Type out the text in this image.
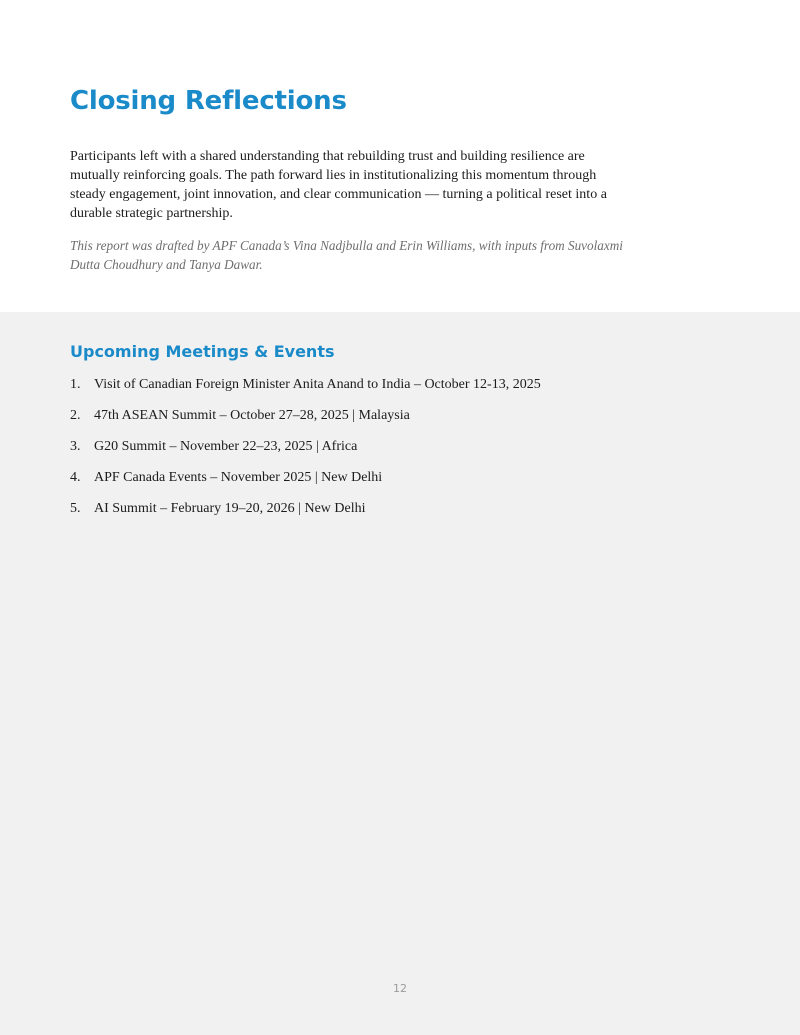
Closing Reflections

Participants left with a shared understanding that rebuilding trust and building resilience are mutually reinforcing goals. The path forward lies in institutionalizing this momentum through steady engagement, joint innovation, and clear communication — turning a political reset into a durable strategic partnership.

This report was drafted by APF Canada’s Vina Nadjbulla and Erin Williams, with inputs from Suvolaxmi Dutta Choudhury and Tanya Dawar.

Upcoming Meetings & Events
1. Visit of Canadian Foreign Minister Anita Anand to India – October 12-13, 2025
2. 47th ASEAN Summit – October 27–28, 2025 | Malaysia
3. G20 Summit – November 22–23, 2025 | Africa
4. APF Canada Events – November 2025 | New Delhi
5. AI Summit – February 19–20, 2026 | New Delhi
12
